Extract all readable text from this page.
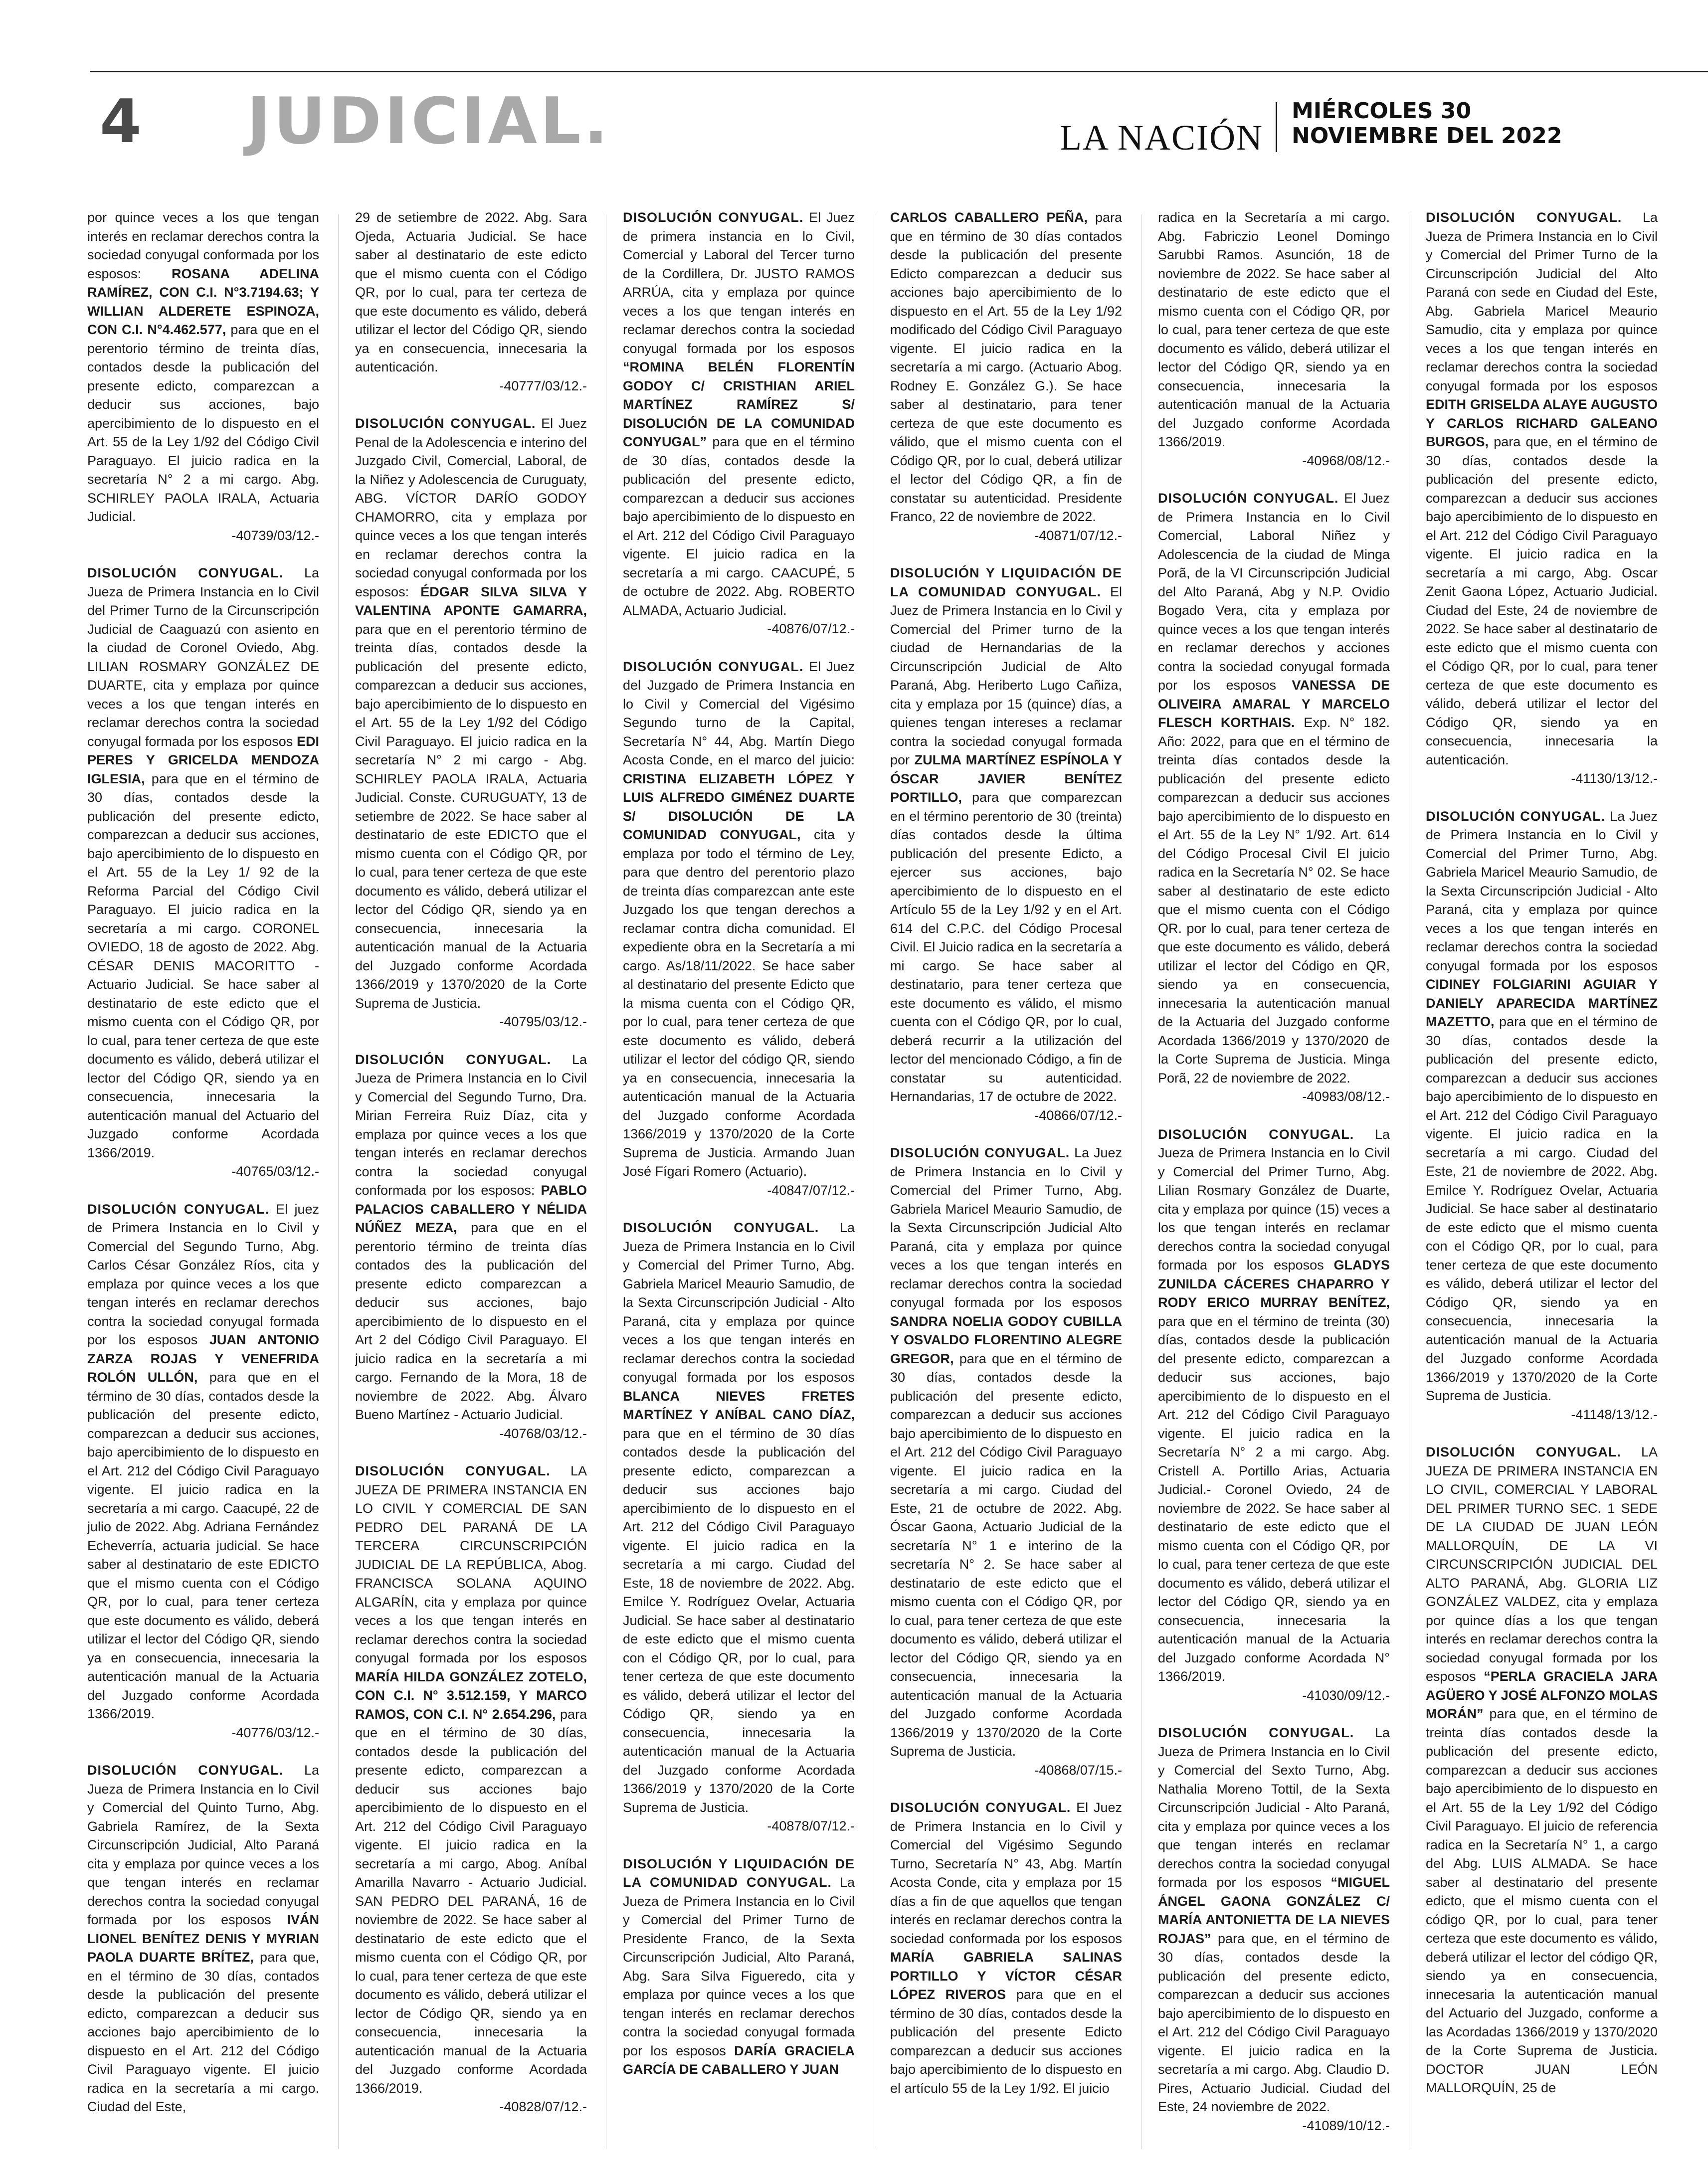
4 JUDICIAL.	LA NACIÓN
MIÉRCOLES 30
NOVIEMBRE DEL 2022

por quince veces a los que tengan interés en reclamar derechos contra la sociedad conyugal conformada por los esposos: ROSANA ADELINA RAMÍREZ, CON C.I. N°3.7194.63; Y WILLIAN ALDERETE ESPINOZA, CON C.I. N°4.462.577, para que en el perentorio término de treinta días, contados desde la publicación del presente edicto, comparezcan a deducir sus acciones, bajo apercibimiento de lo dispuesto en el Art. 55 de la Ley 1/92 del Código Civil Paraguayo. El juicio radica en la secretaría N° 2 a mi cargo. Abg. SCHIRLEY PAOLA IRALA, Actuaria Judicial.
-40739/03/12.-

DISOLUCIÓN CONYUGAL. La Jueza de Primera Instancia en lo Civil del Primer Turno de la Circunscripción Judicial de Caaguazú con asiento en la ciudad de Coronel Oviedo, Abg. LILIAN ROSMARY GONZÁLEZ DE DUARTE, cita y emplaza por quince veces a los que tengan interés en reclamar derechos contra la sociedad conyugal formada por los esposos EDI PERES Y GRICELDA MENDOZA IGLESIA, para que en el término de 30 días, contados desde la publicación del presente edicto, comparezcan a deducir sus acciones, bajo apercibimiento de lo dispuesto en el Art. 55 de la Ley 1/ 92 de la Reforma Parcial del Código Civil Paraguayo. El juicio radica en la secretaría a mi cargo. CORONEL OVIEDO, 18 de agosto de 2022. Abg. CÉSAR DENIS MACORITTO - Actuario Judicial. Se hace saber al destinatario de este edicto que el mismo cuenta con el Código QR, por lo cual, para tener certeza de que este documento es válido, deberá utilizar el lector del Código QR, siendo ya en consecuencia, innecesaria la autenticación manual del Actuario del Juzgado conforme Acordada 1366/2019.
-40765/03/12.-

DISOLUCIÓN CONYUGAL. El juez de Primera Instancia en lo Civil y Comercial del Segundo Turno, Abg. Carlos César González Ríos, cita y emplaza por quince veces a los que tengan interés en reclamar derechos contra la sociedad conyugal formada por los esposos JUAN ANTONIO ZARZA ROJAS Y VENEFRIDA ROLÓN ULLÓN, para que en el término de 30 días, contados desde la publicación del presente edicto, comparezcan a deducir sus acciones, bajo apercibimiento de lo dispuesto en el Art. 212 del Código Civil Paraguayo vigente. El juicio radica en la secretaría a mi cargo. Caacupé, 22 de julio de 2022. Abg. Adriana Fernández Echeverría, actuaria judicial. Se hace saber al destinatario de este EDICTO que el mismo cuenta con el Código QR, por lo cual, para tener certeza que este documento es válido, deberá utilizar el lector del Código QR, siendo ya en consecuencia, innecesaria la autenticación manual de la Actuaria del Juzgado conforme Acordada 1366/2019.
-40776/03/12.-

DISOLUCIÓN CONYUGAL. La Jueza de Primera Instancia en lo Civil y Comercial del Quinto Turno, Abg. Gabriela Ramírez, de la Sexta Circunscripción Judicial, Alto Paraná cita y emplaza por quince veces a los que tengan interés en reclamar derechos contra la sociedad conyugal formada por los esposos IVÁN LIONEL BENÍTEZ DENIS Y MYRIAN PAOLA DUARTE BRÍTEZ, para que, en el término de 30 días, contados desde la publicación del presente edicto, comparezcan a deducir sus acciones bajo apercibimiento de lo dispuesto en el Art. 212 del Código Civil Paraguayo vigente. El juicio radica en la secretaría a mi cargo. Ciudad del Este,

29 de setiembre de 2022. Abg. Sara Ojeda, Actuaria Judicial. Se hace saber al destinatario de este edicto que el mismo cuenta con el Código QR, por lo cual, para ter certeza de que este documento es válido, deberá utilizar el lector del Código QR, siendo ya en consecuencia, innecesaria la autenticación.
-40777/03/12.-

DISOLUCIÓN CONYUGAL. El Juez Penal de la Adolescencia e interino del Juzgado Civil, Comercial, Laboral, de la Niñez y Adolescencia de Curuguaty, ABG. VÍCTOR DARÍO GODOY CHAMORRO, cita y emplaza por quince veces a los que tengan interés en reclamar derechos contra la sociedad conyugal conformada por los esposos: ÉDGAR SILVA SILVA Y VALENTINA APONTE GAMARRA, para que en el perentorio término de treinta días, contados desde la publicación del presente edicto, comparezcan a deducir sus acciones, bajo apercibimiento de lo dispuesto en el Art. 55 de la Ley 1/92 del Código Civil Paraguayo. El juicio radica en la secretaría N° 2 mi cargo - Abg. SCHIRLEY PAOLA IRALA, Actuaria Judicial. Conste. CURUGUATY, 13 de setiembre de 2022. Se hace saber al destinatario de este EDICTO que el mismo cuenta con el Código QR, por lo cual, para tener certeza de que este documento es válido, deberá utilizar el lector del Código QR, siendo ya en consecuencia, innecesaria la autenticación manual de la Actuaria del Juzgado conforme Acordada 1366/2019 y 1370/2020 de la Corte Suprema de Justicia.
-40795/03/12.-

DISOLUCIÓN CONYUGAL. La Jueza de Primera Instancia en lo Civil y Comercial del Segundo Turno, Dra. Mirian Ferreira Ruiz Díaz, cita y emplaza por quince veces a los que tengan interés en reclamar derechos contra la sociedad conyugal conformada por los esposos: PABLO PALACIOS CABALLERO Y NÉLIDA NÚÑEZ MEZA, para que en el perentorio término de treinta días contados des la publicación del presente edicto comparezcan a deducir sus acciones, bajo apercibimiento de lo dispuesto en el Art 2 del Código Civil Paraguayo. El juicio radica en la secretaría a mi cargo. Fernando de la Mora, 18 de noviembre de 2022. Abg. Álvaro Bueno Martínez - Actuario Judicial.
-40768/03/12.-

DISOLUCIÓN CONYUGAL. LA JUEZA DE PRIMERA INSTANCIA EN LO CIVIL Y COMERCIAL DE SAN PEDRO DEL PARANÁ DE LA TERCERA CIRCUNSCRIPCIÓN JUDICIAL DE LA REPÚBLICA, Abog. FRANCISCA SOLANA AQUINO ALGARÍN, cita y emplaza por quince veces a los que tengan interés en reclamar derechos contra la sociedad conyugal formada por los esposos MARÍA HILDA GONZÁLEZ ZOTELO, CON C.I. N° 3.512.159, Y MARCO RAMOS, CON C.I. N° 2.654.296, para que en el término de 30 días, contados desde la publicación del presente edicto, comparezcan a deducir sus acciones bajo apercibimiento de lo dispuesto en el Art. 212 del Código Civil Paraguayo vigente. El juicio radica en la secretaría a mi cargo, Abog. Aníbal Amarilla Navarro - Actuario Judicial. SAN PEDRO DEL PARANÁ, 16 de noviembre de 2022. Se hace saber al destinatario de este edicto que el mismo cuenta con el Código QR, por lo cual, para tener certeza de que este documento es válido, deberá utilizar el lector de Código QR, siendo ya en consecuencia, innecesaria la autenticación manual de la Actuaria del Juzgado conforme Acordada 1366/2019.
-40828/07/12.-

DISOLUCIÓN CONYUGAL. El Juez de primera instancia en lo Civil, Comercial y Laboral del Tercer turno de la Cordillera, Dr. JUSTO RAMOS ARRÚA, cita y emplaza por quince veces a los que tengan interés en reclamar derechos contra la sociedad conyugal formada por los esposos “ROMINA BELÉN FLORENTÍN GODOY C/ CRISTHIAN ARIEL MARTÍNEZ RAMÍREZ S/ DISOLUCIÓN DE LA COMUNIDAD CONYUGAL” para que en el término de 30 días, contados desde la publicación del presente edicto, comparezcan a deducir sus acciones bajo apercibimiento de lo dispuesto en el Art. 212 del Código Civil Paraguayo vigente. El juicio radica en la secretaría a mi cargo. CAACUPÉ, 5 de octubre de 2022. Abg. ROBERTO ALMADA, Actuario Judicial.
-40876/07/12.-

DISOLUCIÓN CONYUGAL. El Juez del Juzgado de Primera Instancia en lo Civil y Comercial del Vigésimo Segundo turno de la Capital, Secretaría N° 44, Abg. Martín Diego Acosta Conde, en el marco del juicio: CRISTINA ELIZABETH LÓPEZ Y LUIS ALFREDO GIMÉNEZ DUARTE S/ DISOLUCIÓN DE LA COMUNIDAD CONYUGAL, cita y emplaza por todo el término de Ley, para que dentro del perentorio plazo de treinta días comparezcan ante este Juzgado los que tengan derechos a reclamar contra dicha comunidad. El expediente obra en la Secretaría a mi cargo. As/18/11/2022. Se hace saber al destinatario del presente Edicto que la misma cuenta con el Código QR, por lo cual, para tener certeza de que este documento es válido, deberá utilizar el lector del código QR, siendo ya en consecuencia, innecesaria la autenticación manual de la Actuaria del Juzgado conforme Acordada 1366/2019 y 1370/2020 de la Corte Suprema de Justicia. Armando Juan José Fígari Romero (Actuario).
-40847/07/12.-

DISOLUCIÓN CONYUGAL. La Jueza de Primera Instancia en lo Civil y Comercial del Primer Turno, Abg. Gabriela Maricel Meaurio Samudio, de la Sexta Circunscripción Judicial - Alto Paraná, cita y emplaza por quince veces a los que tengan interés en reclamar derechos contra la sociedad conyugal formada por los esposos BLANCA NIEVES FRETES MARTÍNEZ Y ANÍBAL CANO DÍAZ, para que en el término de 30 días contados desde la publicación del presente edicto, comparezcan a deducir sus acciones bajo apercibimiento de lo dispuesto en el Art. 212 del Código Civil Paraguayo vigente. El juicio radica en la secretaría a mi cargo. Ciudad del Este, 18 de noviembre de 2022. Abg. Emilce Y. Rodríguez Ovelar, Actuaria Judicial. Se hace saber al destinatario de este edicto que el mismo cuenta con el Código QR, por lo cual, para tener certeza de que este documento es válido, deberá utilizar el lector del Código QR, siendo ya en consecuencia, innecesaria la autenticación manual de la Actuaria del Juzgado conforme Acordada 1366/2019 y 1370/2020 de la Corte Suprema de Justicia.
-40878/07/12.-

DISOLUCIÓN Y LIQUIDACIÓN DE LA COMUNIDAD CONYUGAL. La Jueza de Primera Instancia en lo Civil y Comercial del Primer Turno de Presidente Franco, de la Sexta Circunscripción Judicial, Alto Paraná, Abg. Sara Silva Figueredo, cita y emplaza por quince veces a los que tengan interés en reclamar derechos contra la sociedad conyugal formada por los esposos DARÍA GRACIELA GARCÍA DE CABALLERO Y JUAN

CARLOS CABALLERO PEÑA, para que en término de 30 días contados desde la publicación del presente Edicto comparezcan a deducir sus acciones bajo apercibimiento de lo dispuesto en el Art. 55 de la Ley 1/92 modificado del Código Civil Paraguayo vigente. El juicio radica en la secretaría a mi cargo. (Actuario Abog. Rodney E. González G.). Se hace saber al destinatario, para tener certeza de que este documento es válido, que el mismo cuenta con el Código QR, por lo cual, deberá utilizar el lector del Código QR, a fin de constatar su autenticidad. Presidente Franco, 22 de noviembre de 2022.
-40871/07/12.-

DISOLUCIÓN Y LIQUIDACIÓN DE LA COMUNIDAD CONYUGAL. El Juez de Primera Instancia en lo Civil y Comercial del Primer turno de la ciudad de Hernandarias de la Circunscripción Judicial de Alto Paraná, Abg. Heriberto Lugo Cañiza, cita y emplaza por 15 (quince) días, a quienes tengan intereses a reclamar contra la sociedad conyugal formada por ZULMA MARTÍNEZ ESPÍNOLA Y ÓSCAR JAVIER BENÍTEZ PORTILLO, para que comparezcan en el término perentorio de 30 (treinta) días contados desde la última publicación del presente Edicto, a ejercer sus acciones, bajo apercibimiento de lo dispuesto en el Artículo 55 de la Ley 1/92 y en el Art. 614 del C.P.C. del Código Procesal Civil. El Juicio radica en la secretaría a mi cargo. Se hace saber al destinatario, para tener certeza que este documento es válido, el mismo cuenta con el Código QR, por lo cual, deberá recurrir a la utilización del lector del mencionado Código, a fin de constatar su autenticidad. Hernandarias, 17 de octubre de 2022.
-40866/07/12.-

DISOLUCIÓN CONYUGAL. La Juez de Primera Instancia en lo Civil y Comercial del Primer Turno, Abg. Gabriela Maricel Meaurio Samudio, de la Sexta Circunscripción Judicial Alto Paraná, cita y emplaza por quince veces a los que tengan interés en reclamar derechos contra la sociedad conyugal formada por los esposos SANDRA NOELIA GODOY CUBILLA Y OSVALDO FLORENTINO ALEGRE GREGOR, para que en el término de 30 días, contados desde la publicación del presente edicto, comparezcan a deducir sus acciones bajo apercibimiento de lo dispuesto en el Art. 212 del Código Civil Paraguayo vigente. El juicio radica en la secretaría a mi cargo. Ciudad del Este, 21 de octubre de 2022. Abg. Óscar Gaona, Actuario Judicial de la secretaría N° 1 e interino de la secretaría N° 2. Se hace saber al destinatario de este edicto que el mismo cuenta con el Código QR, por lo cual, para tener certeza de que este documento es válido, deberá utilizar el lector del Código QR, siendo ya en consecuencia, innecesaria la autenticación manual de la Actuaria del Juzgado conforme Acordada 1366/2019 y 1370/2020 de la Corte Suprema de Justicia.
-40868/07/15.-

DISOLUCIÓN CONYUGAL. El Juez de Primera Instancia en lo Civil y Comercial del Vigésimo Segundo Turno, Secretaría N° 43, Abg. Martín Acosta Conde, cita y emplaza por 15 días a fin de que aquellos que tengan interés en reclamar derechos contra la sociedad conformada por los esposos MARÍA GABRIELA SALINAS PORTILLO Y VÍCTOR CÉSAR LÓPEZ RIVEROS para que en el término de 30 días, contados desde la publicación del presente Edicto comparezcan a deducir sus acciones bajo apercibimiento de lo dispuesto en el artículo 55 de la Ley 1/92. El juicio

radica en la Secretaría a mi cargo. Abg. Fabriczio Leonel Domingo Sarubbi Ramos. Asunción, 18 de noviembre de 2022. Se hace saber al destinatario de este edicto que el mismo cuenta con el Código QR, por lo cual, para tener certeza de que este documento es válido, deberá utilizar el lector del Código QR, siendo ya en consecuencia, innecesaria la autenticación manual de la Actuaria del Juzgado conforme Acordada 1366/2019.
-40968/08/12.-

DISOLUCIÓN CONYUGAL. El Juez de Primera Instancia en lo Civil Comercial, Laboral Niñez y Adolescencia de la ciudad de Minga Porã, de la VI Circunscripción Judicial del Alto Paraná, Abg y N.P. Ovidio Bogado Vera, cita y emplaza por quince veces a los que tengan interés en reclamar derechos y acciones contra la sociedad conyugal formada por los esposos VANESSA DE OLIVEIRA AMARAL Y MARCELO FLESCH KORTHAIS. Exp. N° 182. Año: 2022, para que en el término de treinta días contados desde la publicación del presente edicto comparezcan a deducir sus acciones bajo apercibimiento de lo dispuesto en el Art. 55 de la Ley N° 1/92. Art. 614 del Código Procesal Civil El juicio radica en la Secretaría N° 02. Se hace saber al destinatario de este edicto que el mismo cuenta con el Código QR. por lo cual, para tener certeza de que este documento es válido, deberá utilizar el lector del Código en QR, siendo ya en consecuencia, innecesaria la autenticación manual de la Actuaria del Juzgado conforme Acordada 1366/2019 y 1370/2020 de la Corte Suprema de Justicia. Minga Porã, 22 de noviembre de 2022.
-40983/08/12.-

DISOLUCIÓN CONYUGAL. La Jueza de Primera Instancia en lo Civil y Comercial del Primer Turno, Abg. Lilian Rosmary González de Duarte, cita y emplaza por quince (15) veces a los que tengan interés en reclamar derechos contra la sociedad conyugal formada por los esposos GLADYS ZUNILDA CÁCERES CHAPARRO Y RODY ERICO MURRAY BENÍTEZ, para que en el término de treinta (30) días, contados desde la publicación del presente edicto, comparezcan a deducir sus acciones, bajo apercibimiento de lo dispuesto en el Art. 212 del Código Civil Paraguayo vigente. El juicio radica en la Secretaría N° 2 a mi cargo. Abg. Cristell A. Portillo Arias, Actuaria Judicial.- Coronel Oviedo, 24 de noviembre de 2022. Se hace saber al destinatario de este edicto que el mismo cuenta con el Código QR, por lo cual, para tener certeza de que este documento es válido, deberá utilizar el lector del Código QR, siendo ya en consecuencia, innecesaria la autenticación manual de la Actuaria del Juzgado conforme Acordada N° 1366/2019.
-41030/09/12.-

DISOLUCIÓN CONYUGAL. La Jueza de Primera Instancia en lo Civil y Comercial del Sexto Turno, Abg. Nathalia Moreno Tottil, de la Sexta Circunscripción Judicial - Alto Paraná, cita y emplaza por quince veces a los que tengan interés en reclamar derechos contra la sociedad conyugal formada por los esposos “MIGUEL ÁNGEL GAONA GONZÁLEZ C/ MARÍA ANTONIETTA DE LA NIEVES ROJAS” para que, en el término de 30 días, contados desde la publicación del presente edicto, comparezcan a deducir sus acciones bajo apercibimiento de lo dispuesto en el Art. 212 del Código Civil Paraguayo vigente. El juicio radica en la secretaría a mi cargo. Abg. Claudio D. Pires, Actuario Judicial. Ciudad del Este, 24 noviembre de 2022.
-41089/10/12.-

DISOLUCIÓN CONYUGAL. La Jueza de Primera Instancia en lo Civil y Comercial del Primer Turno de la Circunscripción Judicial del Alto Paraná con sede en Ciudad del Este, Abg. Gabriela Maricel Meaurio Samudio, cita y emplaza por quince veces a los que tengan interés en reclamar derechos contra la sociedad conyugal formada por los esposos EDITH GRISELDA ALAYE AUGUSTO Y CARLOS RICHARD GALEANO BURGOS, para que, en el término de 30 días, contados desde la publicación del presente edicto, comparezcan a deducir sus acciones bajo apercibimiento de lo dispuesto en el Art. 212 del Código Civil Paraguayo vigente. El juicio radica en la secretaría a mi cargo, Abg. Oscar Zenit Gaona López, Actuario Judicial. Ciudad del Este, 24 de noviembre de 2022. Se hace saber al destinatario de este edicto que el mismo cuenta con el Código QR, por lo cual, para tener certeza de que este documento es válido, deberá utilizar el lector del Código QR, siendo ya en consecuencia, innecesaria la autenticación.
-41130/13/12.-

DISOLUCIÓN CONYUGAL. La Juez de Primera Instancia en lo Civil y Comercial del Primer Turno, Abg. Gabriela Maricel Meaurio Samudio, de la Sexta Circunscripción Judicial - Alto Paraná, cita y emplaza por quince veces a los que tengan interés en reclamar derechos contra la sociedad conyugal formada por los esposos CIDINEY FOLGIARINI AGUIAR Y DANIELY APARECIDA MARTÍNEZ MAZETTO, para que en el término de 30 días, contados desde la publicación del presente edicto, comparezcan a deducir sus acciones bajo apercibimiento de lo dispuesto en el Art. 212 del Código Civil Paraguayo vigente. El juicio radica en la secretaría a mi cargo. Ciudad del Este, 21 de noviembre de 2022. Abg. Emilce Y. Rodríguez Ovelar, Actuaria Judicial. Se hace saber al destinatario de este edicto que el mismo cuenta con el Código QR, por lo cual, para tener certeza de que este documento es válido, deberá utilizar el lector del Código QR, siendo ya en consecuencia, innecesaria la autenticación manual de la Actuaria del Juzgado conforme Acordada 1366/2019 y 1370/2020 de la Corte Suprema de Justicia.
-41148/13/12.-

DISOLUCIÓN CONYUGAL. LA JUEZA DE PRIMERA INSTANCIA EN LO CIVIL, COMERCIAL Y LABORAL DEL PRIMER TURNO SEC. 1 SEDE DE LA CIUDAD DE JUAN LEÓN MALLORQUÍN, DE LA VI CIRCUNSCRIPCIÓN JUDICIAL DEL ALTO PARANÁ, Abg. GLORIA LIZ GONZÁLEZ VALDEZ, cita y emplaza por quince días a los que tengan interés en reclamar derechos contra la sociedad conyugal formada por los esposos “PERLA GRACIELA JARA AGÜERO Y JOSÉ ALFONZO MOLAS MORÁN” para que, en el término de treinta días contados desde la publicación del presente edicto, comparezcan a deducir sus acciones bajo apercibimiento de lo dispuesto en el Art. 55 de la Ley 1/92 del Código Civil Paraguayo. El juicio de referencia radica en la Secretaría N° 1, a cargo del Abg. LUIS ALMADA. Se hace saber al destinatario del presente edicto, que el mismo cuenta con el código QR, por lo cual, para tener certeza que este documento es válido, deberá utilizar el lector del código QR, siendo ya en consecuencia, innecesaria la autenticación manual del Actuario del Juzgado, conforme a las Acordadas 1366/2019 y 1370/2020 de la Corte Suprema de Justicia. DOCTOR JUAN LEÓN MALLORQUÍN, 25 de
